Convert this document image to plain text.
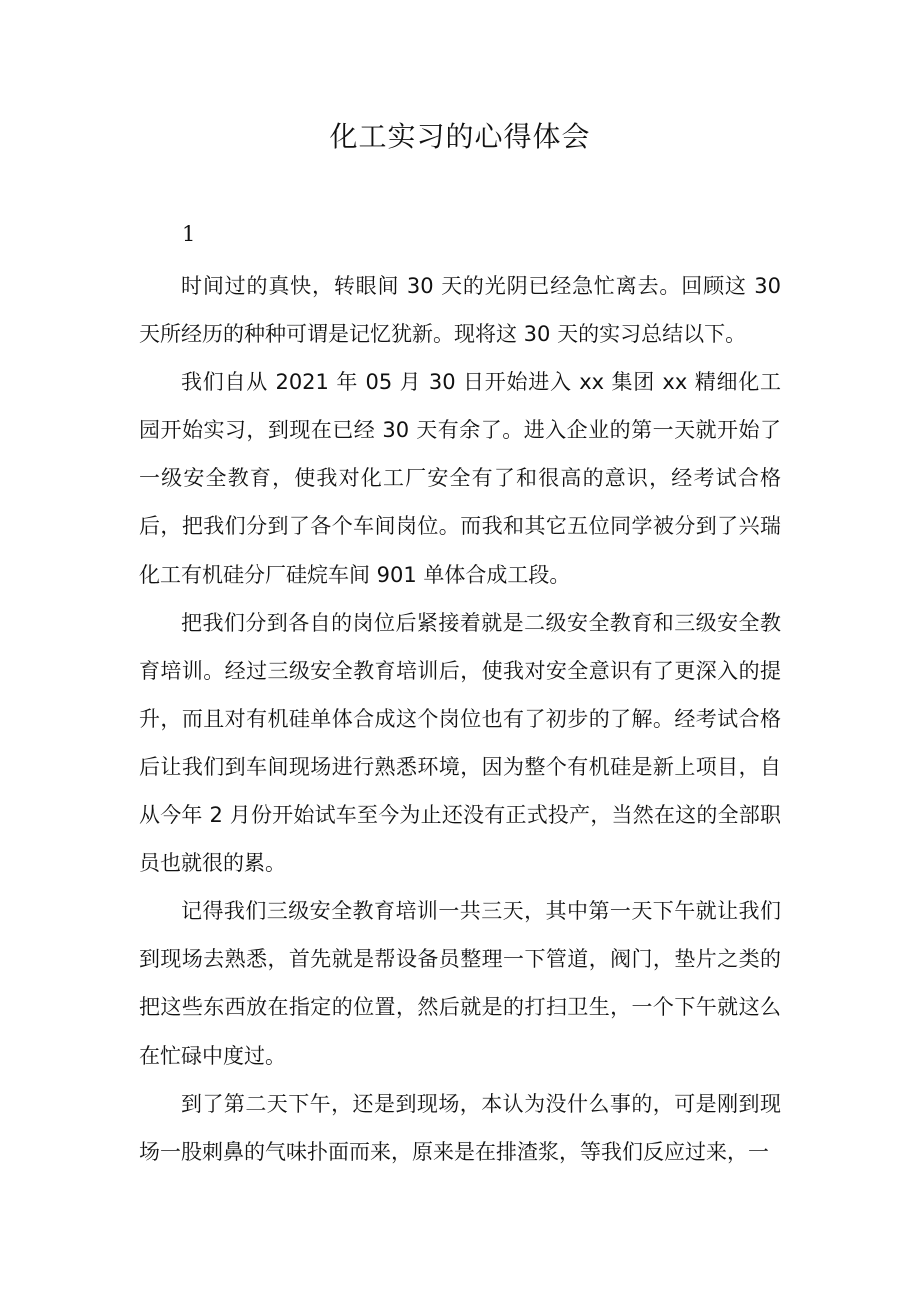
化工实习的心得体会

1

时间过的真快，转眼间 30 天的光阴已经急忙离去。回顾这 30 天所经历的种种可谓是记忆犹新。现将这 30 天的实习总结以下。

我们自从 2021 年 05 月 30 日开始进入 xx 集团 xx 精细化工园开始实习，到现在已经 30 天有余了。进入企业的第一天就开始了一级安全教育，使我对化工厂安全有了和很高的意识，经考试合格后，把我们分到了各个车间岗位。而我和其它五位同学被分到了兴瑞化工有机硅分厂硅烷车间 901 单体合成工段。

把我们分到各自的岗位后紧接着就是二级安全教育和三级安全教育培训。经过三级安全教育培训后，使我对安全意识有了更深入的提升，而且对有机硅单体合成这个岗位也有了初步的了解。经考试合格后让我们到车间现场进行熟悉环境，因为整个有机硅是新上项目，自从今年 2 月份开始试车至今为止还没有正式投产，当然在这的全部职员也就很的累。

记得我们三级安全教育培训一共三天，其中第一天下午就让我们到现场去熟悉，首先就是帮设备员整理一下管道，阀门，垫片之类的把这些东西放在指定的位置，然后就是的打扫卫生，一个下午就这么在忙碌中度过。

到了第二天下午，还是到现场，本认为没什么事的，可是刚到现场一股刺鼻的气味扑面而来，原来是在排渣浆，等我们反应过来，一
